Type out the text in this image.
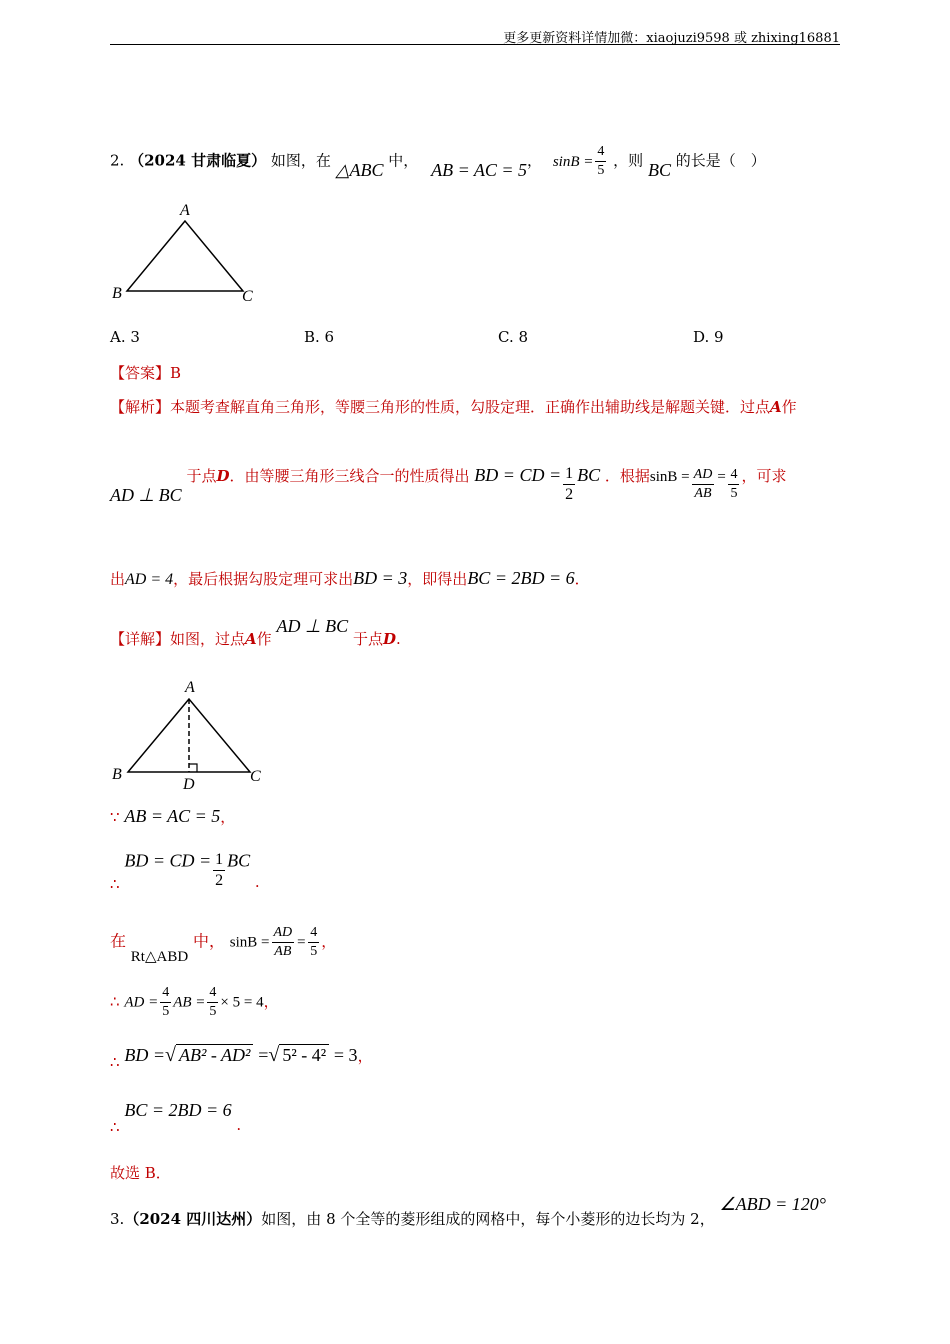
更多更新资料详情加微：xiaojuzi9598 或 zhixing16881
2. （2024 甘肃临夏） 如图，在 △ABC 中， AB = AC = 5， $\sin B = \frac{4}{5}$ ，则 BC 的长是（　）
A
B	C
A. 3	B. 6	C. 8	D. 9
【答案】B
【解析】本题考查解直角三角形，等腰三角形的性质，勾股定理．正确作出辅助线是解题关键．过点A作
AD ⊥ BC 于点D．由等腰三角形三线合一的性质得出 BD = CD = $\frac{1}{2}$ BC ．根据$\sin B = \frac{AD}{AB} = \frac{4}{5}$ ，可求
出AD = 4，最后根据勾股定理可求出BD = 3，即得出BC = 2BD = 6．
【详解】如图，过点A作 AD ⊥ BC 于点D.
A
B	C
D
∵ AB = AC = 5，
∴ BD = CD = $\frac{1}{2}$ BC .
在 Rt△ABD 中， $\sin B = \frac{AD}{AB} = \frac{4}{5}$ ，
∴ AD = $\frac{4}{5}$ AB = $\frac{4}{5} \times 5 = 4$，
∴ BD =√ AB² - AD² =√ 5² - 4² = 3，
∴ BC = 2BD = 6 .
故选 B．
3.（2024 四川达州）如图，由 8 个全等的菱形组成的网格中，每个小菱形的边长均为 2， ∠ABD = 120°
